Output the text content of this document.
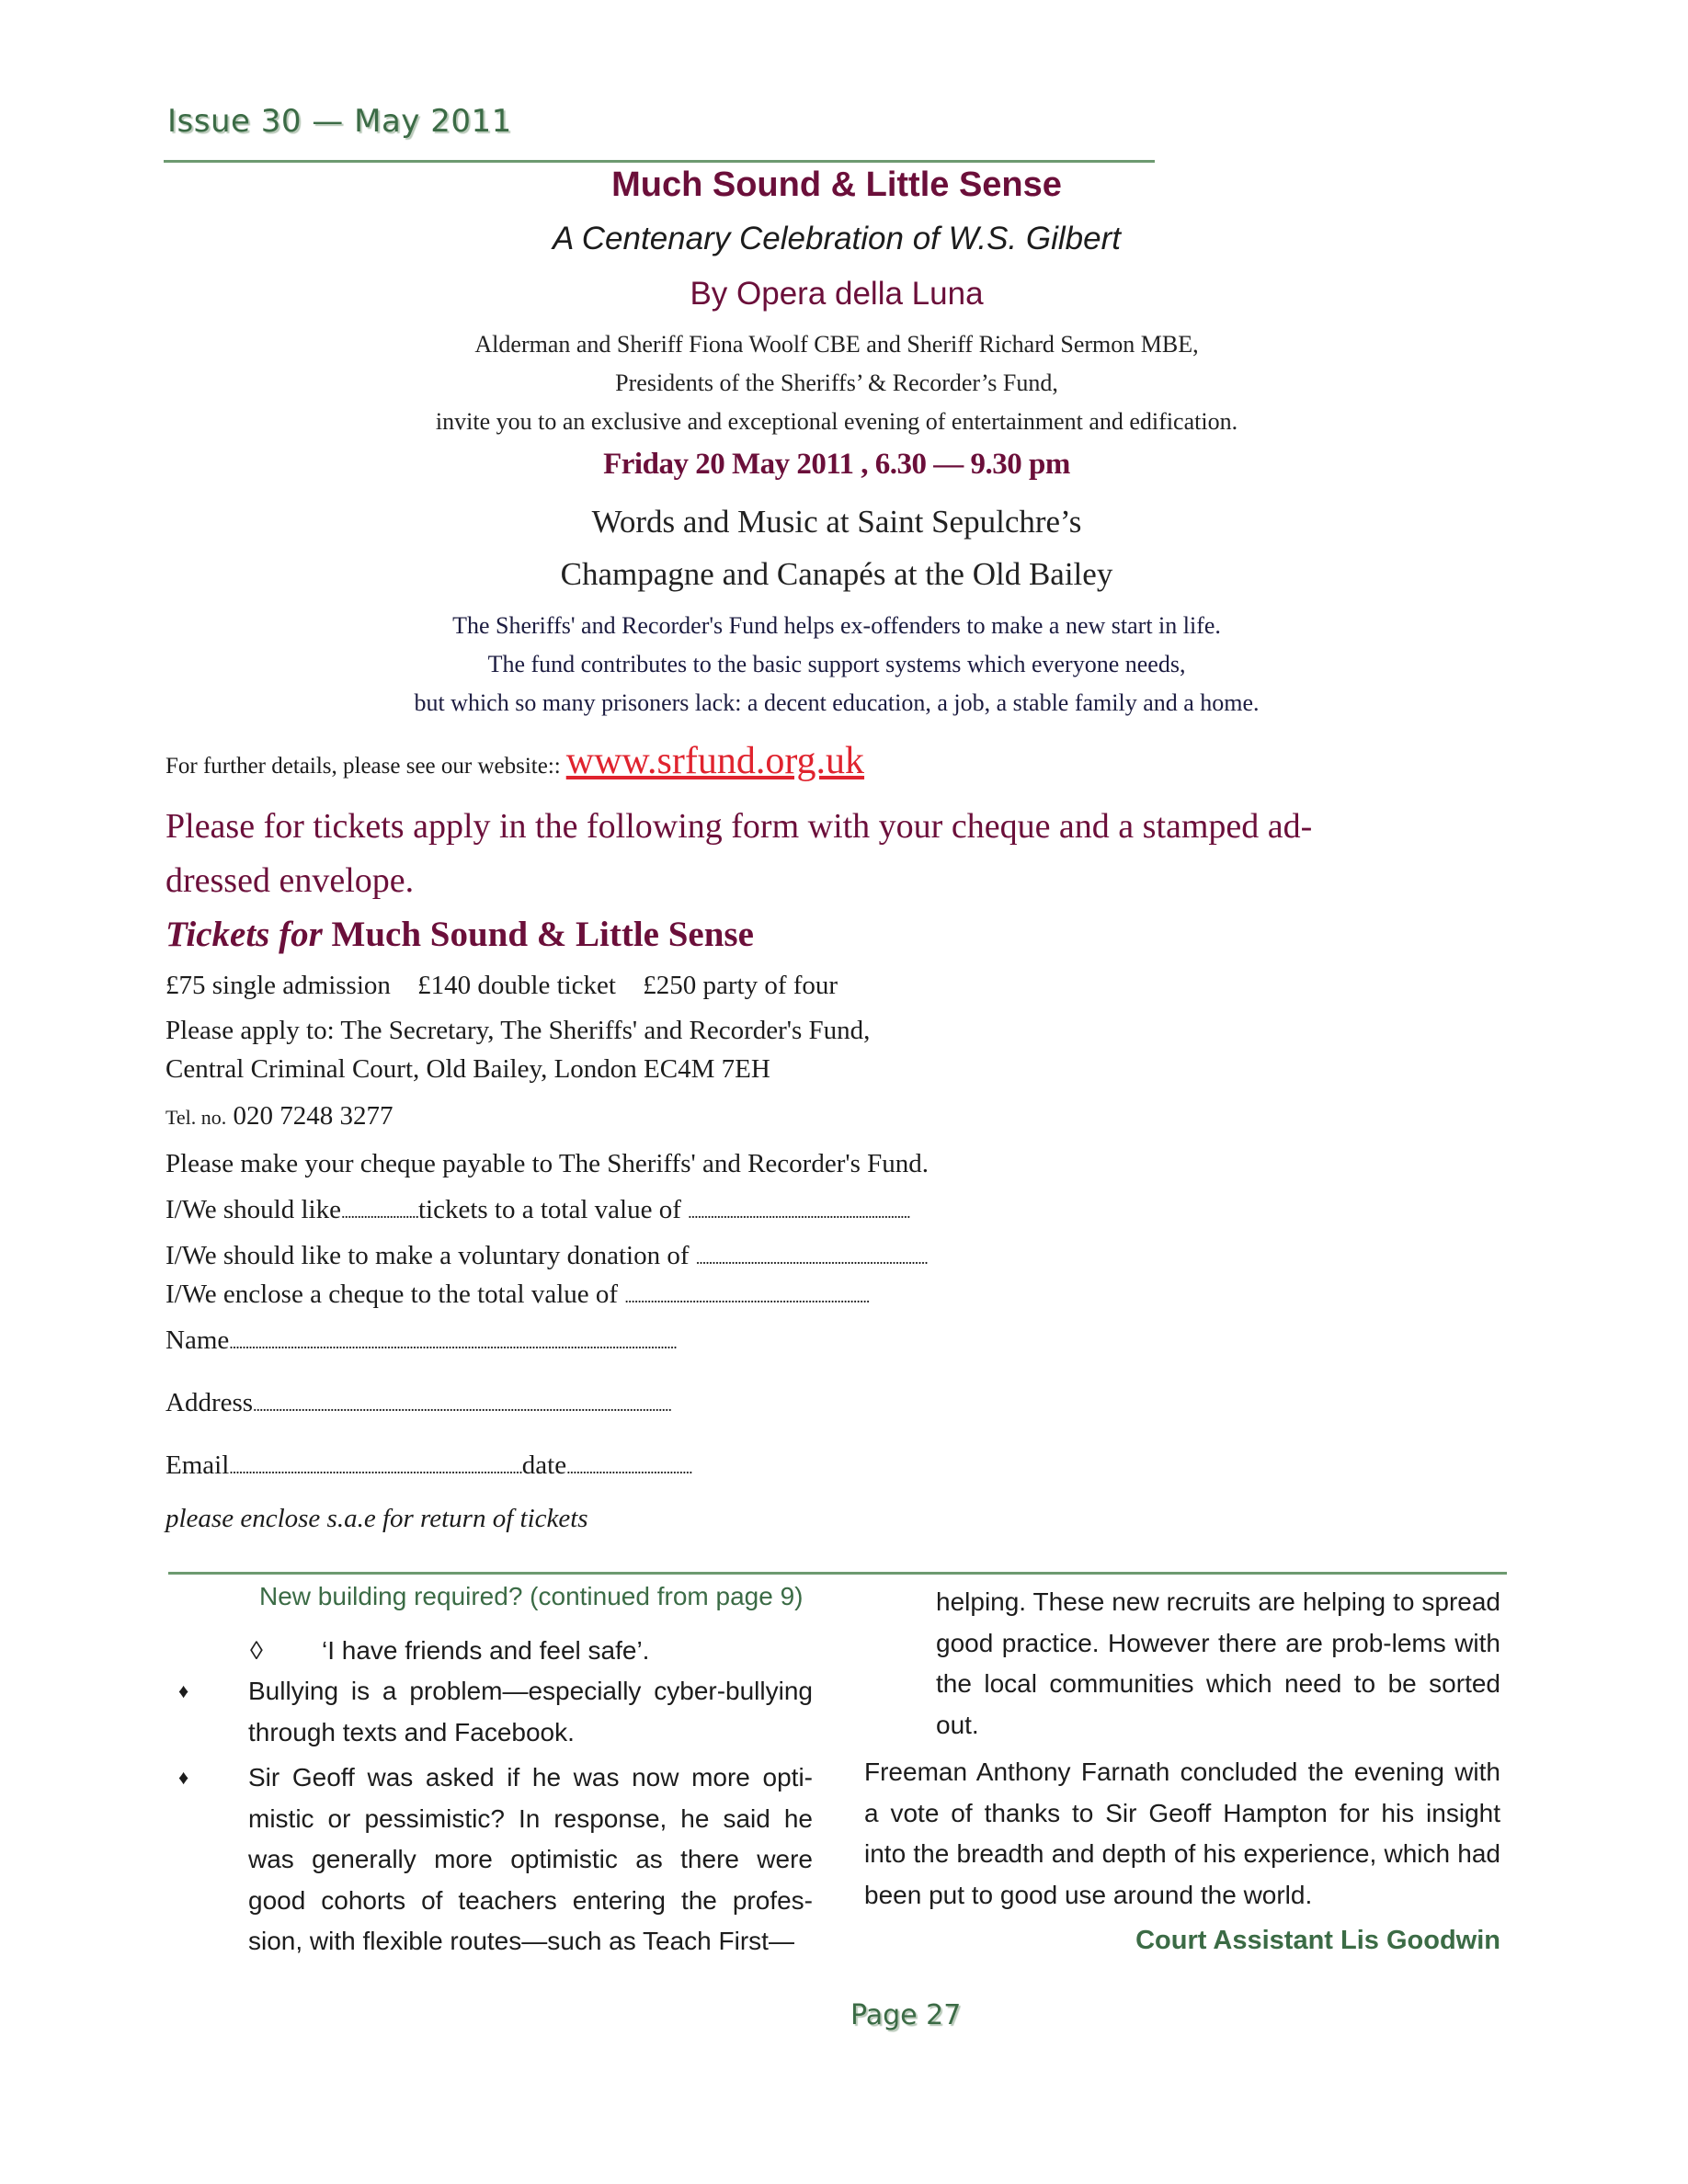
Issue 30 — May 2011
Much Sound & Little Sense
A Centenary Celebration of W.S. Gilbert
By Opera della Luna
Alderman and Sheriff Fiona Woolf CBE and Sheriff Richard Sermon MBE,
Presidents of the Sheriffs’ & Recorder’s Fund,
invite you to an exclusive and exceptional evening of entertainment and edification.
Friday 20 May 2011 , 6.30 — 9.30 pm
Words and Music at Saint Sepulchre’s
Champagne and Canapés at the Old Bailey
The Sheriffs' and Recorder's Fund helps ex-offenders to make a new start in life.
The fund contributes to the basic support systems which everyone needs,
but which so many prisoners lack: a decent education, a job, a stable family and a home.
For further details, please see our website:: www.srfund.org.uk
Please for tickets apply in the following form with your cheque and a stamped ad-dressed envelope.
Tickets for Much Sound & Little Sense
£75 single admission £140 double ticket £250 party of four
Please apply to: The Secretary, The Sheriffs' and Recorder's Fund,
Central Criminal Court, Old Bailey, London EC4M 7EH
Tel. no. 020 7248 3277
Please make your cheque payable to The Sheriffs' and Recorder's Fund.
I/We should like........................tickets to a total value of .....................................................................
I/We should like to make a voluntary donation of ........................................................................
I/We enclose a cheque to the total value of ............................................................................
Name...........................................................................................................................................
Address..................................................................................................................................
Email...........................................................................................date.......................................
please enclose s.a.e for return of tickets
New building required? (continued from page 9)
◊ ‘I have friends and feel safe’.
♦ Bullying is a problem—especially cyber-bullying through texts and Facebook.
♦ Sir Geoff was asked if he was now more opti-mistic or pessimistic? In response, he said he was generally more optimistic as there were good cohorts of teachers entering the profes-sion, with flexible routes—such as Teach First—
helping. These new recruits are helping to spread good practice. However there are prob-lems with the local communities which need to be sorted out.
Freeman Anthony Farnath concluded the evening with a vote of thanks to Sir Geoff Hampton for his insight into the breadth and depth of his experience, which had been put to good use around the world.
Court Assistant Lis Goodwin
Page 27
